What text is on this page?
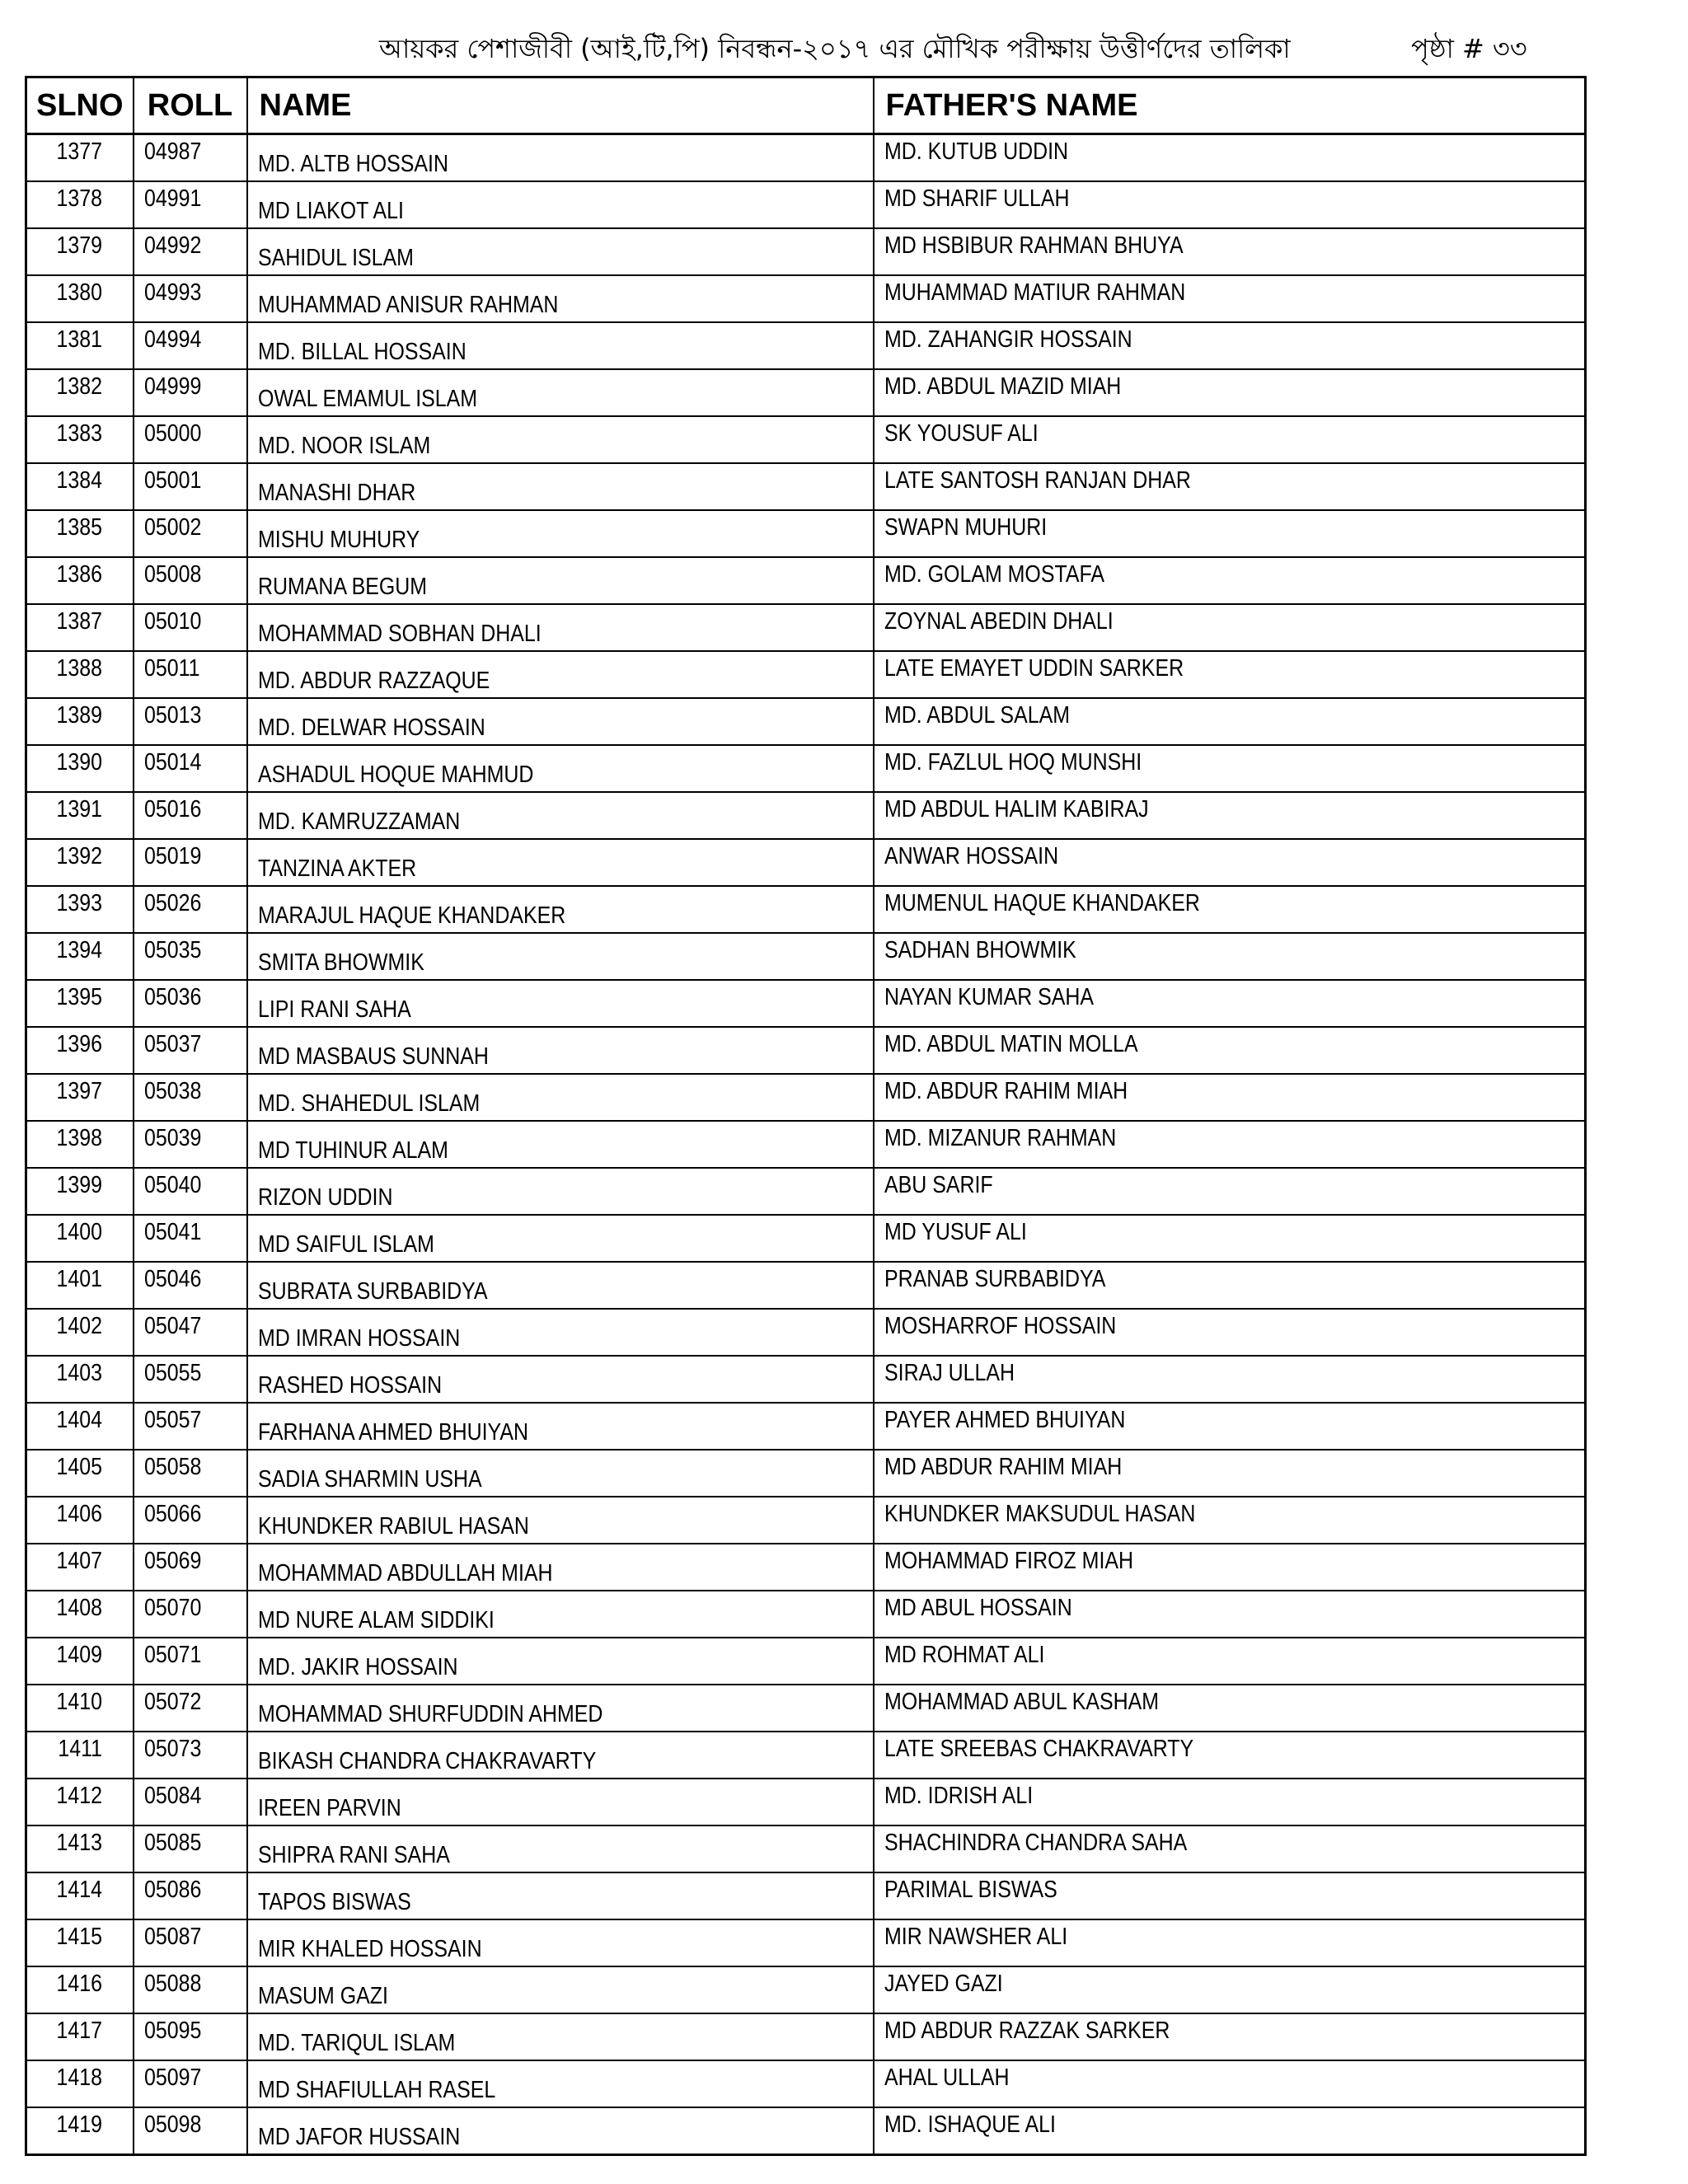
আয়কর পেশাজীবী (আই,টি,পি) নিবন্ধন-২০১৭ এর মৌখিক পরীক্ষায় উত্তীর্ণদের তালিকা	পৃষ্ঠা # ৩৩
SLNO	ROLL	NAME	FATHER'S NAME
1377	04987	MD. ALTB HOSSAIN	MD. KUTUB UDDIN
1378	04991	MD LIAKOT ALI	MD SHARIF ULLAH
1379	04992	SAHIDUL ISLAM	MD HSBIBUR RAHMAN BHUYA
1380	04993	MUHAMMAD ANISUR RAHMAN	MUHAMMAD MATIUR RAHMAN
1381	04994	MD. BILLAL HOSSAIN	MD. ZAHANGIR HOSSAIN
1382	04999	OWAL EMAMUL ISLAM	MD. ABDUL MAZID MIAH
1383	05000	MD. NOOR ISLAM	SK YOUSUF ALI
1384	05001	MANASHI DHAR	LATE SANTOSH RANJAN DHAR
1385	05002	MISHU MUHURY	SWAPN MUHURI
1386	05008	RUMANA BEGUM	MD. GOLAM MOSTAFA
1387	05010	MOHAMMAD SOBHAN DHALI	ZOYNAL ABEDIN DHALI
1388	05011	MD. ABDUR RAZZAQUE	LATE EMAYET UDDIN SARKER
1389	05013	MD. DELWAR HOSSAIN	MD. ABDUL SALAM
1390	05014	ASHADUL HOQUE MAHMUD	MD. FAZLUL HOQ MUNSHI
1391	05016	MD. KAMRUZZAMAN	MD ABDUL HALIM KABIRAJ
1392	05019	TANZINA AKTER	ANWAR HOSSAIN
1393	05026	MARAJUL HAQUE KHANDAKER	MUMENUL HAQUE KHANDAKER
1394	05035	SMITA BHOWMIK	SADHAN BHOWMIK
1395	05036	LIPI RANI SAHA	NAYAN KUMAR SAHA
1396	05037	MD MASBAUS SUNNAH	MD. ABDUL MATIN MOLLA
1397	05038	MD. SHAHEDUL ISLAM	MD. ABDUR RAHIM MIAH
1398	05039	MD TUHINUR ALAM	MD. MIZANUR RAHMAN
1399	05040	RIZON UDDIN	ABU SARIF
1400	05041	MD SAIFUL ISLAM	MD YUSUF ALI
1401	05046	SUBRATA SURBABIDYA	PRANAB SURBABIDYA
1402	05047	MD IMRAN HOSSAIN	MOSHARROF HOSSAIN
1403	05055	RASHED HOSSAIN	SIRAJ ULLAH
1404	05057	FARHANA AHMED BHUIYAN	PAYER AHMED BHUIYAN
1405	05058	SADIA SHARMIN USHA	MD ABDUR RAHIM MIAH
1406	05066	KHUNDKER RABIUL HASAN	KHUNDKER MAKSUDUL HASAN
1407	05069	MOHAMMAD ABDULLAH MIAH	MOHAMMAD FIROZ MIAH
1408	05070	MD NURE ALAM SIDDIKI	MD ABUL HOSSAIN
1409	05071	MD. JAKIR HOSSAIN	MD ROHMAT ALI
1410	05072	MOHAMMAD SHURFUDDIN AHMED	MOHAMMAD ABUL KASHAM
1411	05073	BIKASH CHANDRA CHAKRAVARTY	LATE SREEBAS CHAKRAVARTY
1412	05084	IREEN PARVIN	MD. IDRISH ALI
1413	05085	SHIPRA RANI SAHA	SHACHINDRA CHANDRA SAHA
1414	05086	TAPOS BISWAS	PARIMAL BISWAS
1415	05087	MIR KHALED HOSSAIN	MIR NAWSHER ALI
1416	05088	MASUM GAZI	JAYED GAZI
1417	05095	MD. TARIQUL ISLAM	MD ABDUR RAZZAK SARKER
1418	05097	MD SHAFIULLAH RASEL	AHAL ULLAH
1419	05098	MD JAFOR HUSSAIN	MD. ISHAQUE ALI
